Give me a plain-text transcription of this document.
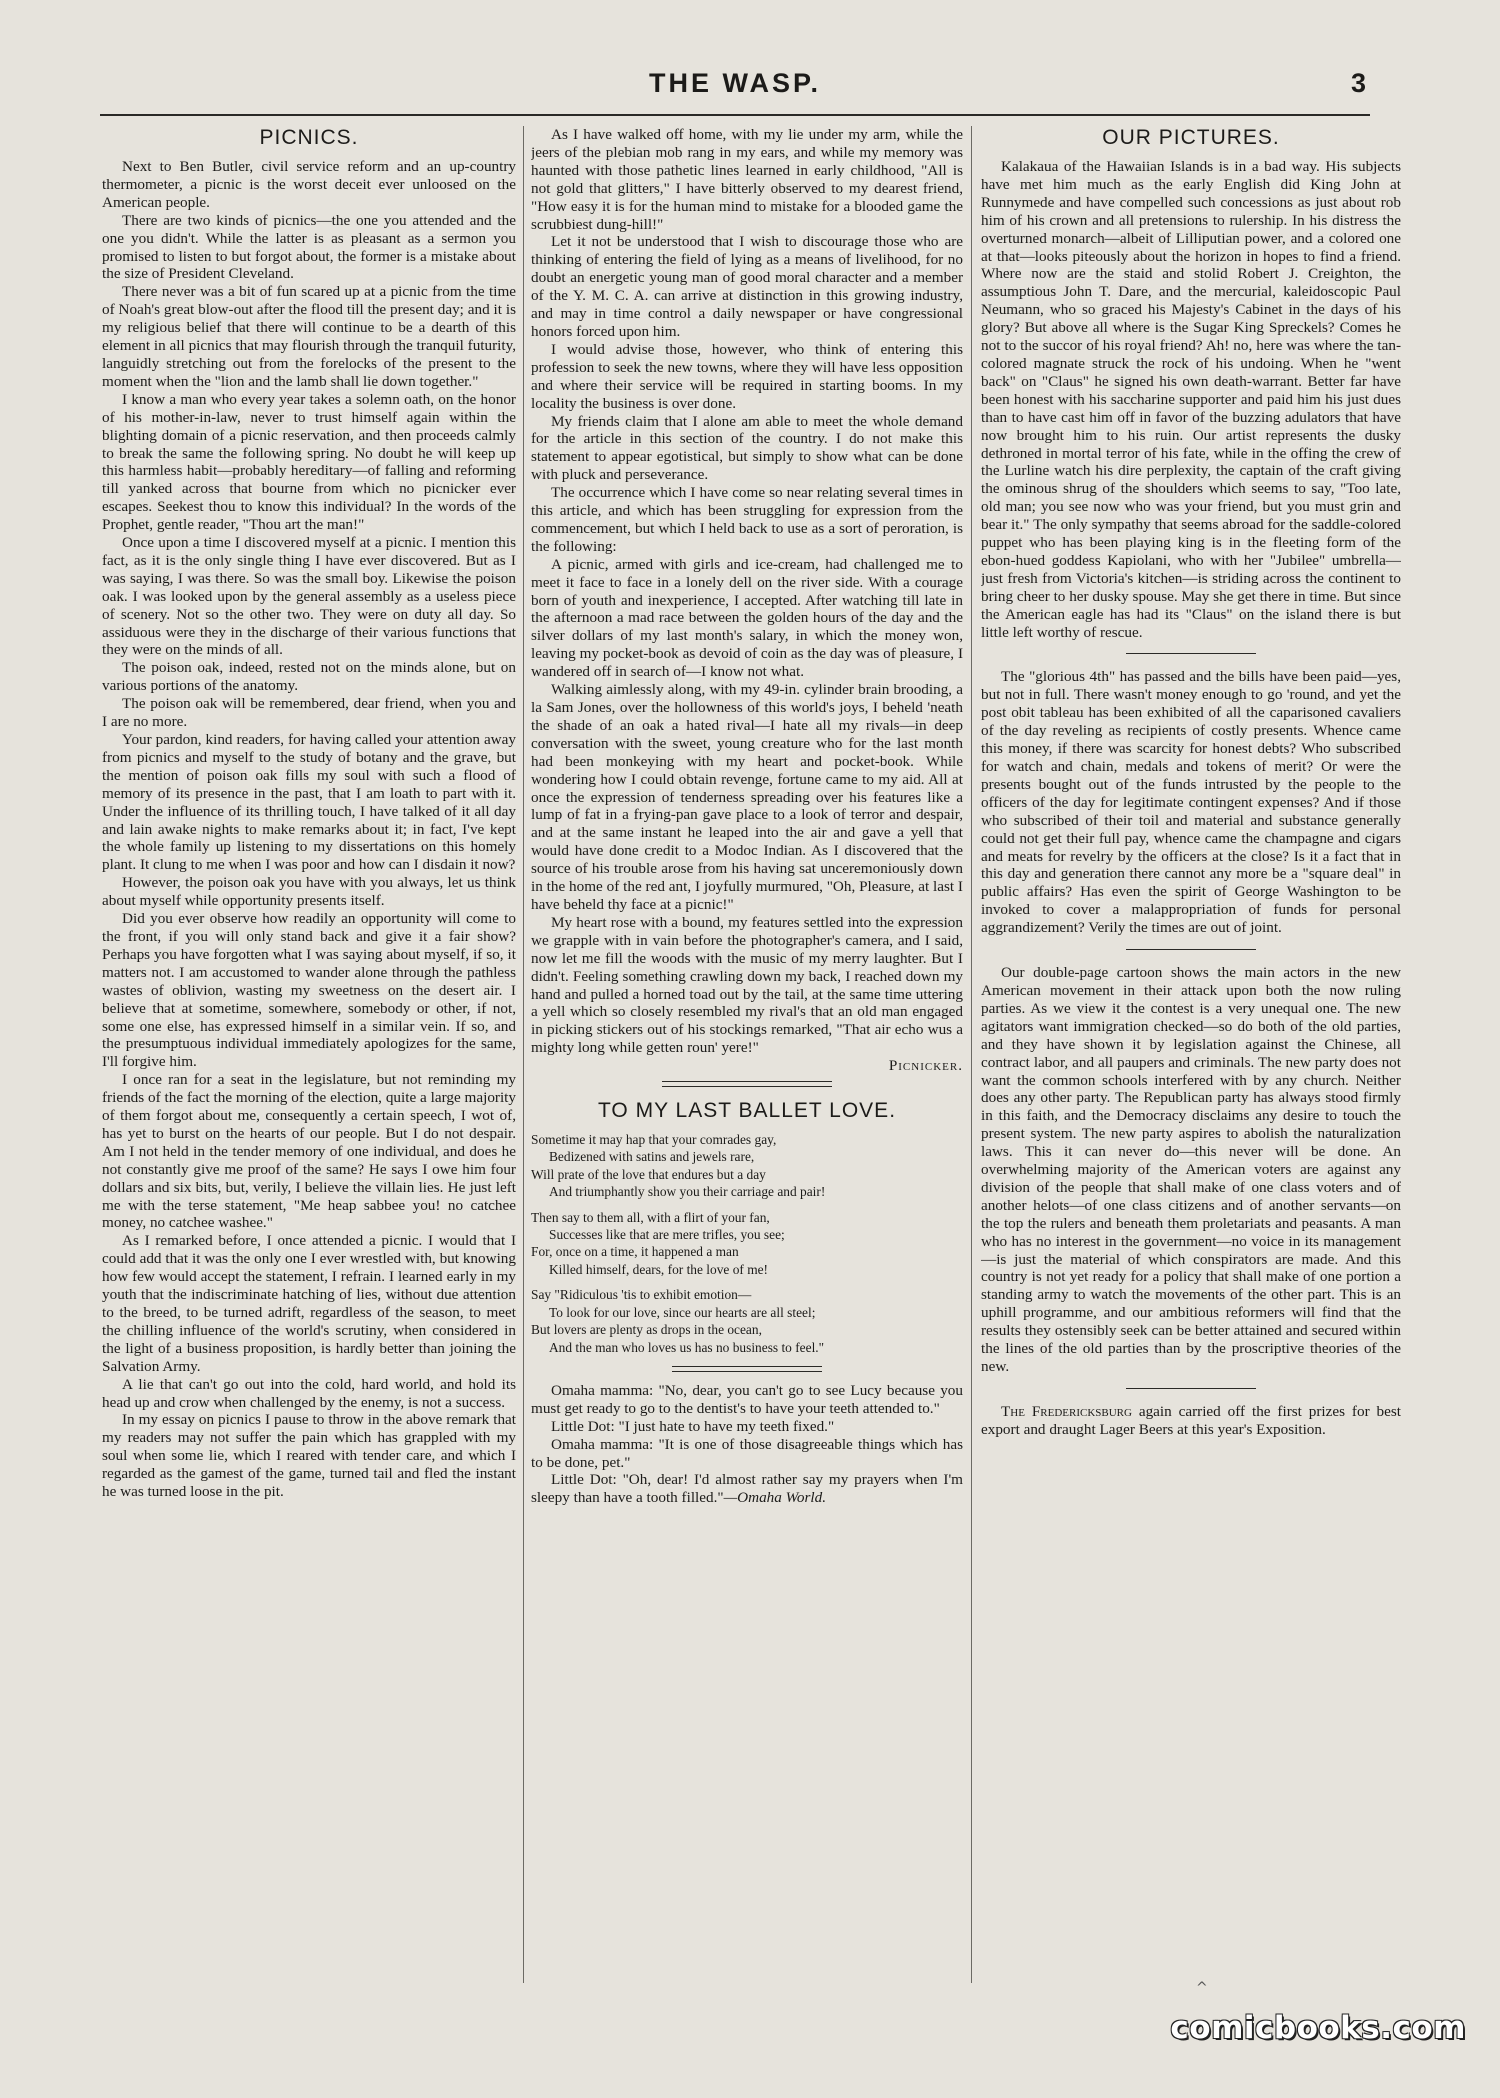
THE WASP.	3
PICNICS.

Next to Ben Butler, civil service reform and an up-country thermometer, a picnic is the worst deceit ever unloosed on the American people.

There are two kinds of picnics—the one you attended and the one you didn't. While the latter is as pleasant as a sermon you promised to listen to but forgot about, the former is a mistake about the size of President Cleveland.

There never was a bit of fun scared up at a picnic from the time of Noah's great blow-out after the flood till the present day; and it is my religious belief that there will continue to be a dearth of this element in all picnics that may flourish through the tranquil futurity, languidly stretching out from the forelocks of the present to the moment when the "lion and the lamb shall lie down together."

I know a man who every year takes a solemn oath, on the honor of his mother-in-law, never to trust himself again within the blighting domain of a picnic reservation, and then proceeds calmly to break the same the following spring. No doubt he will keep up this harmless habit—probably hereditary—of falling and reforming till yanked across that bourne from which no picnicker ever escapes. Seekest thou to know this individual? In the words of the Prophet, gentle reader, "Thou art the man!"

Once upon a time I discovered myself at a picnic. I mention this fact, as it is the only single thing I have ever discovered. But as I was saying, I was there. So was the small boy. Likewise the poison oak. I was looked upon by the general assembly as a useless piece of scenery. Not so the other two. They were on duty all day. So assiduous were they in the discharge of their various functions that they were on the minds of all.

The poison oak, indeed, rested not on the minds alone, but on various portions of the anatomy.

The poison oak will be remembered, dear friend, when you and I are no more.

Your pardon, kind readers, for having called your attention away from picnics and myself to the study of botany and the grave, but the mention of poison oak fills my soul with such a flood of memory of its presence in the past, that I am loath to part with it. Under the influence of its thrilling touch, I have talked of it all day and lain awake nights to make remarks about it; in fact, I've kept the whole family up listening to my dissertations on this homely plant. It clung to me when I was poor and how can I disdain it now?

However, the poison oak you have with you always, let us think about myself while opportunity presents itself.

Did you ever observe how readily an opportunity will come to the front, if you will only stand back and give it a fair show? Perhaps you have forgotten what I was saying about myself, if so, it matters not. I am accustomed to wander alone through the pathless wastes of oblivion, wasting my sweetness on the desert air. I believe that at sometime, somewhere, somebody or other, if not, some one else, has expressed himself in a similar vein. If so, and the presumptuous individual immediately apologizes for the same, I'll forgive him.

I once ran for a seat in the legislature, but not reminding my friends of the fact the morning of the election, quite a large majority of them forgot about me, consequently a certain speech, I wot of, has yet to burst on the hearts of our people. But I do not despair. Am I not held in the tender memory of one individual, and does he not constantly give me proof of the same? He says I owe him four dollars and six bits, but, verily, I believe the villain lies. He just left me with the terse statement, "Me heap sabbee you! no catchee money, no catchee washee."

As I remarked before, I once attended a picnic. I would that I could add that it was the only one I ever wrestled with, but knowing how few would accept the statement, I refrain. I learned early in my youth that the indiscriminate hatching of lies, without due attention to the breed, to be turned adrift, regardless of the season, to meet the chilling influence of the world's scrutiny, when considered in the light of a business proposition, is hardly better than joining the Salvation Army.

A lie that can't go out into the cold, hard world, and hold its head up and crow when challenged by the enemy, is not a success.

In my essay on picnics I pause to throw in the above remark that my readers may not suffer the pain which has grappled with my soul when some lie, which I reared with tender care, and which I regarded as the gamest of the game, turned tail and fled the instant he was turned loose in the pit.

As I have walked off home, with my lie under my arm, while the jeers of the plebian mob rang in my ears, and while my memory was haunted with those pathetic lines learned in early childhood, "All is not gold that glitters," I have bitterly observed to my dearest friend, "How easy it is for the human mind to mistake for a blooded game the scrubbiest dung-hill!"

Let it not be understood that I wish to discourage those who are thinking of entering the field of lying as a means of livelihood, for no doubt an energetic young man of good moral character and a member of the Y. M. C. A. can arrive at distinction in this growing industry, and may in time control a daily newspaper or have congressional honors forced upon him.

I would advise those, however, who think of entering this profession to seek the new towns, where they will have less opposition and where their service will be required in starting booms. In my locality the business is over done.

My friends claim that I alone am able to meet the whole demand for the article in this section of the country. I do not make this statement to appear egotistical, but simply to show what can be done with pluck and perseverance.

The occurrence which I have come so near relating several times in this article, and which has been struggling for expression from the commencement, but which I held back to use as a sort of peroration, is the following:

A picnic, armed with girls and ice-cream, had challenged me to meet it face to face in a lonely dell on the river side. With a courage born of youth and inexperience, I accepted. After watching till late in the afternoon a mad race between the golden hours of the day and the silver dollars of my last month's salary, in which the money won, leaving my pocket-book as devoid of coin as the day was of pleasure, I wandered off in search of—I know not what.

Walking aimlessly along, with my 49-in. cylinder brain brooding, a la Sam Jones, over the hollowness of this world's joys, I beheld 'neath the shade of an oak a hated rival—I hate all my rivals—in deep conversation with the sweet, young creature who for the last month had been monkeying with my heart and pocket-book. While wondering how I could obtain revenge, fortune came to my aid. All at once the expression of tenderness spreading over his features like a lump of fat in a frying-pan gave place to a look of terror and despair, and at the same instant he leaped into the air and gave a yell that would have done credit to a Modoc Indian. As I discovered that the source of his trouble arose from his having sat unceremoniously down in the home of the red ant, I joyfully murmured, "Oh, Pleasure, at last I have beheld thy face at a picnic!"

My heart rose with a bound, my features settled into the expression we grapple with in vain before the photographer's camera, and I said, now let me fill the woods with the music of my merry laughter. But I didn't. Feeling something crawling down my back, I reached down my hand and pulled a horned toad out by the tail, at the same time uttering a yell which so closely resembled my rival's that an old man engaged in picking stickers out of his stockings remarked, "That air echo wus a mighty long while getten roun' yere!"

Picnicker.

TO MY LAST BALLET LOVE.
Sometime it may hap that your comrades gay,
Bedizened with satins and jewels rare,
Will prate of the love that endures but a day
And triumphantly show you their carriage and pair!
Then say to them all, with a flirt of your fan,
Successes like that are mere trifles, you see;
For, once on a time, it happened a man
Killed himself, dears, for the love of me!
Say "Ridiculous 'tis to exhibit emotion—
To look for our love, since our hearts are all steel;
But lovers are plenty as drops in the ocean,
And the man who loves us has no business to feel."

Omaha mamma: "No, dear, you can't go to see Lucy because you must get ready to go to the dentist's to have your teeth attended to."

Little Dot: "I just hate to have my teeth fixed."

Omaha mamma: "It is one of those disagreeable things which has to be done, pet."

Little Dot: "Oh, dear! I'd almost rather say my prayers when I'm sleepy than have a tooth filled."—Omaha World.

OUR PICTURES.

Kalakaua of the Hawaiian Islands is in a bad way. His subjects have met him much as the early English did King John at Runnymede and have compelled such concessions as just about rob him of his crown and all pretensions to rulership. In his distress the overturned monarch—albeit of Lilliputian power, and a colored one at that—looks piteously about the horizon in hopes to find a friend. Where now are the staid and stolid Robert J. Creighton, the assumptious John T. Dare, and the mercurial, kaleidoscopic Paul Neumann, who so graced his Majesty's Cabinet in the days of his glory? But above all where is the Sugar King Spreckels? Comes he not to the succor of his royal friend? Ah! no, here was where the tan-colored magnate struck the rock of his undoing. When he "went back" on "Claus" he signed his own death-warrant. Better far have been honest with his saccharine supporter and paid him his just dues than to have cast him off in favor of the buzzing adulators that have now brought him to his ruin. Our artist represents the dusky dethroned in mortal terror of his fate, while in the offing the crew of the Lurline watch his dire perplexity, the captain of the craft giving the ominous shrug of the shoulders which seems to say, "Too late, old man; you see now who was your friend, but you must grin and bear it." The only sympathy that seems abroad for the saddle-colored puppet who has been playing king is in the fleeting form of the ebon-hued goddess Kapiolani, who with her "Jubilee" umbrella—just fresh from Victoria's kitchen—is striding across the continent to bring cheer to her dusky spouse. May she get there in time. But since the American eagle has had its "Claus" on the island there is but little left worthy of rescue.

The "glorious 4th" has passed and the bills have been paid—yes, but not in full. There wasn't money enough to go 'round, and yet the post obit tableau has been exhibited of all the caparisoned cavaliers of the day reveling as recipients of costly presents. Whence came this money, if there was scarcity for honest debts? Who subscribed for watch and chain, medals and tokens of merit? Or were the presents bought out of the funds intrusted by the people to the officers of the day for legitimate contingent expenses? And if those who subscribed of their toil and material and substance generally could not get their full pay, whence came the champagne and cigars and meats for revelry by the officers at the close? Is it a fact that in this day and generation there cannot any more be a "square deal" in public affairs? Has even the spirit of George Washington to be invoked to cover a malappropriation of funds for personal aggrandizement? Verily the times are out of joint.

Our double-page cartoon shows the main actors in the new American movement in their attack upon both the now ruling parties. As we view it the contest is a very unequal one. The new agitators want immigration checked—so do both of the old parties, and they have shown it by legislation against the Chinese, all contract labor, and all paupers and criminals. The new party does not want the common schools interfered with by any church. Neither does any other party. The Republican party has always stood firmly in this faith, and the Democracy disclaims any desire to touch the present system. The new party aspires to abolish the naturalization laws. This it can never do—this never will be done. An overwhelming majority of the American voters are against any division of the people that shall make of one class voters and of another helots—of one class citizens and of another servants—on the top the rulers and beneath them proletariats and peasants. A man who has no interest in the government—no voice in its management—is just the material of which conspirators are made. And this country is not yet ready for a policy that shall make of one portion a standing army to watch the movements of the other part. This is an uphill programme, and our ambitious reformers will find that the results they ostensibly seek can be better attained and secured within the lines of the old parties than by the proscriptive theories of the new.

The Fredericksburg again carried off the first prizes for best export and draught Lager Beers at this year's Exposition.

^
comicbooks.com
